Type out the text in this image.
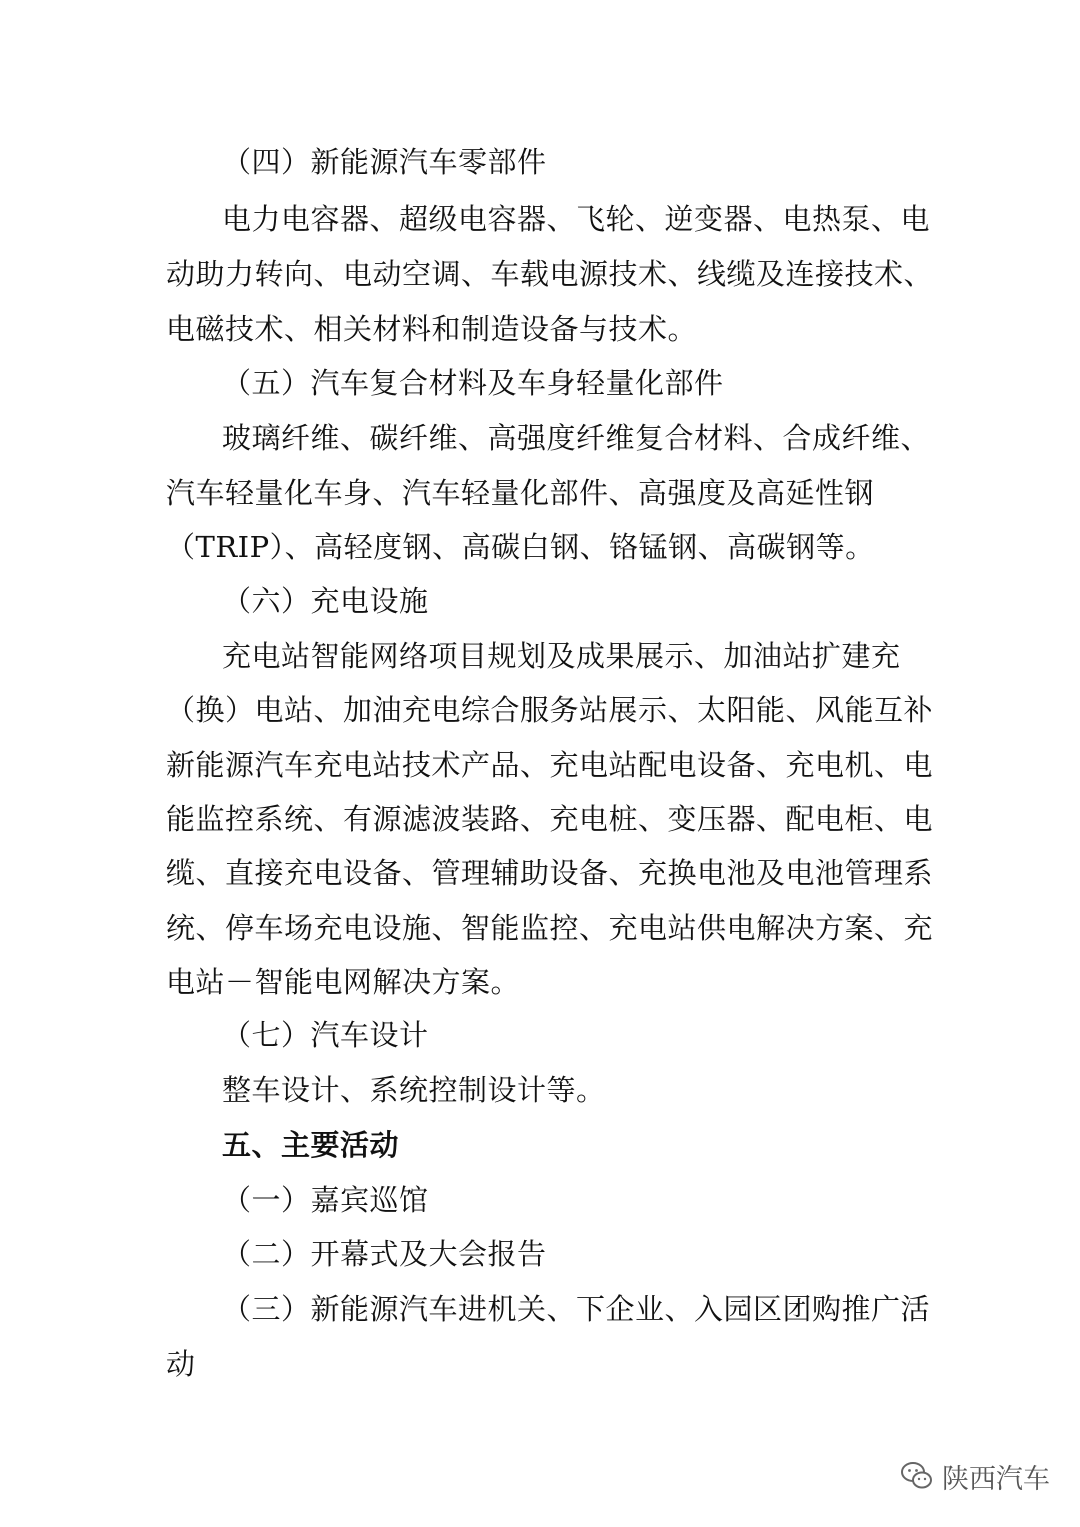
（四）新能源汽车零部件
电力电容器、超级电容器、飞轮、逆变器、电热泵、电
动助力转向、电动空调、车载电源技术、线缆及连接技术、
电磁技术、相关材料和制造设备与技术。
（五）汽车复合材料及车身轻量化部件
玻璃纤维、碳纤维、高强度纤维复合材料、合成纤维、
汽车轻量化车身、汽车轻量化部件、高强度及高延性钢
（TRIP）、高轻度钢、高碳白钢、铬锰钢、高碳钢等。
（六）充电设施
充电站智能网络项目规划及成果展示、加油站扩建充
（换）电站、加油充电综合服务站展示、太阳能、风能互补
新能源汽车充电站技术产品、充电站配电设备、充电机、电
能监控系统、有源滤波装路、充电桩、变压器、配电柜、电
缆、直接充电设备、管理辅助设备、充换电池及电池管理系
统、停车场充电设施、智能监控、充电站供电解决方案、充
电站－智能电网解决方案。
（七）汽车设计
整车设计、系统控制设计等。
五、主要活动
（一）嘉宾巡馆
（二）开幕式及大会报告
（三）新能源汽车进机关、下企业、入园区团购推广活
动
陕西汽车
